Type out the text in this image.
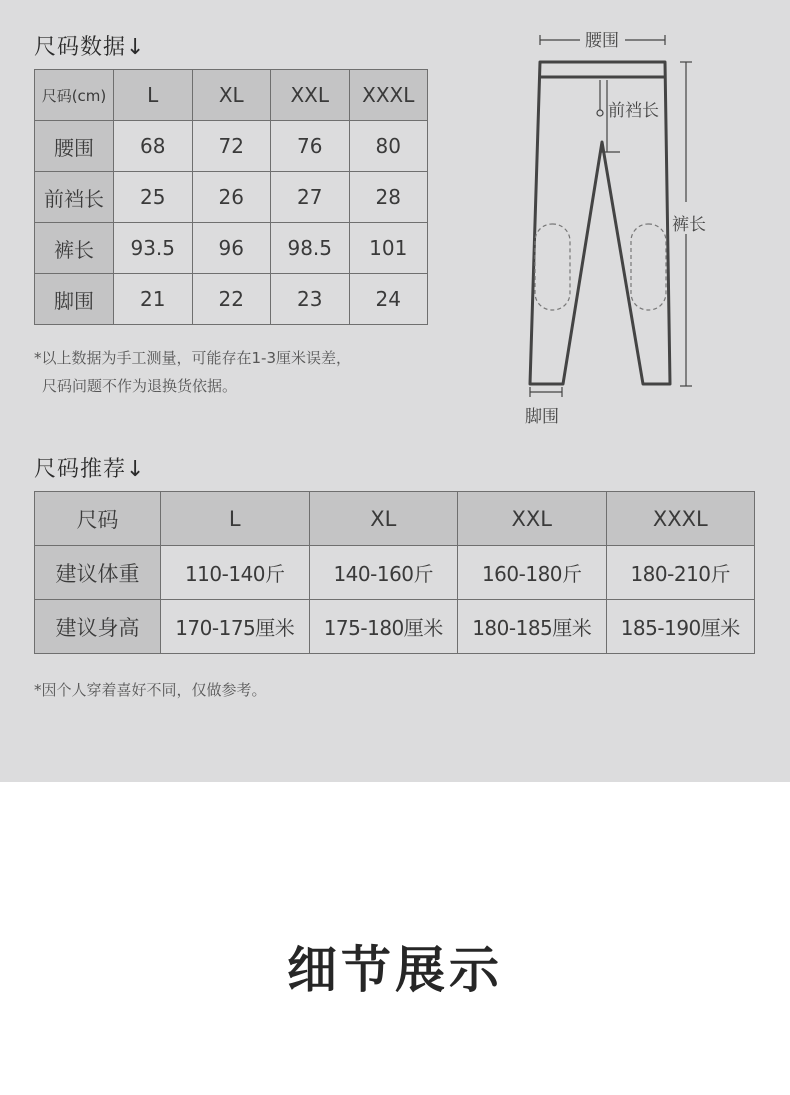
尺码数据↓
尺码(cm)	L	XL	XXL	XXXL
腰围	68	72	76	80
前裆长	25	26	27	28
裤长	93.5	96	98.5	101
脚围	21	22	23	24
*以上数据为手工测量，可能存在1-3厘米误差，
尺码问题不作为退换货依据。
腰围
前裆长
裤长
脚围
尺码推荐↓
尺码	L	XL	XXL	XXXL
建议体重	110-140斤	140-160斤	160-180斤	180-210斤
建议身高	170-175厘米	175-180厘米	180-185厘米	185-190厘米
*因个人穿着喜好不同，仅做参考。
细节展示
